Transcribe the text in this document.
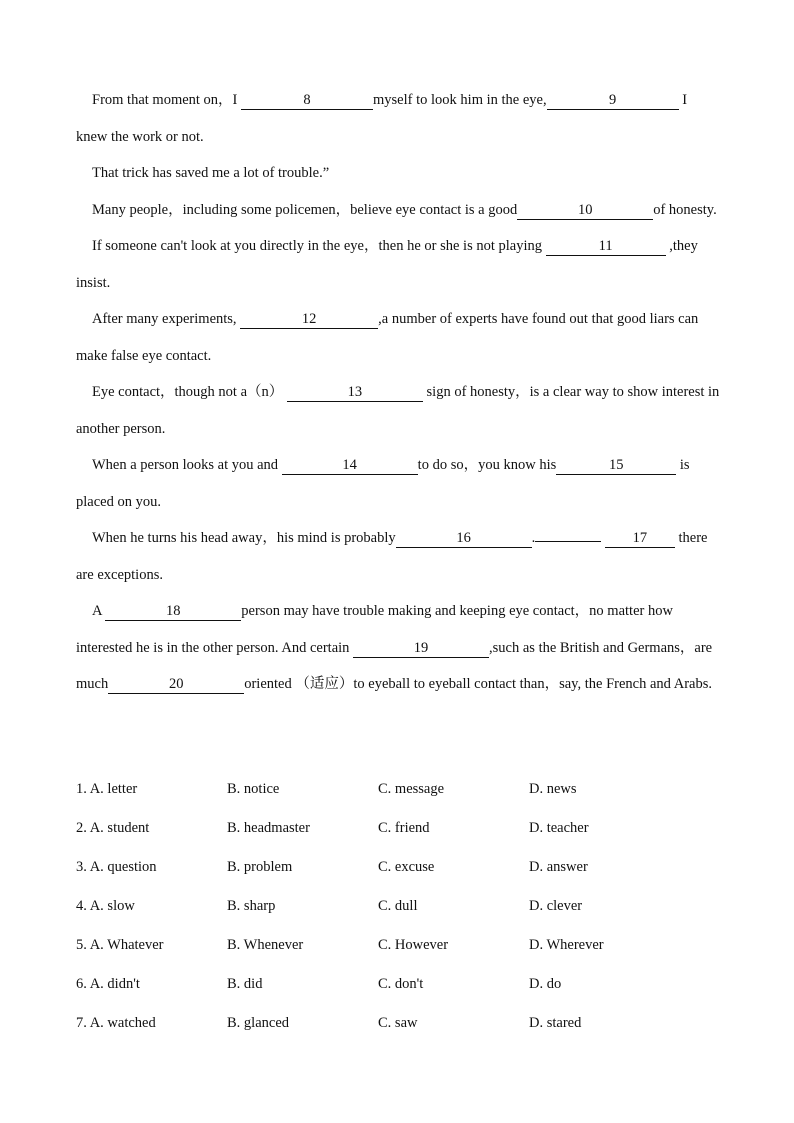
From that moment on，I	8	myself to look him in the eye,	9	I knew the work or not.

That trick has saved me a lot of trouble.”

Many people，including some policemen，believe eye contact is a good	10	of honesty.

If someone can't look at you directly in the eye，then he or she is not playing	11	,they insist.

After many experiments,	12	,a number of experts have found out that good liars can make false eye contact.

Eye contact，though not a（n）	13	sign of honesty，is a clear way to show interest in another person.

When a person looks at you and	14	to do so，you know his	15	is placed on you.

When he turns his head away，his mind is probably	16	.	17 there are exceptions.

A	18	person may have trouble making and keeping eye contact，no matter how interested he is in the other person. And certain	19	,such as the British and Germans，are much	20	oriented （适应）to eyeball to eyeball contact than，say, the French and Arabs.

1. A. letter	B. notice	C. message	D. news
2. A. student	B. headmaster	C. friend	D. teacher
3. A. question	B. problem	C. excuse	D. answer
4. A. slow	B. sharp	C. dull	D. clever
5. A. Whatever	B. Whenever	C. However	D. Wherever
6. A. didn't	B. did	C. don't	D. do
7. A. watched	B. glanced	C. saw	D. stared
